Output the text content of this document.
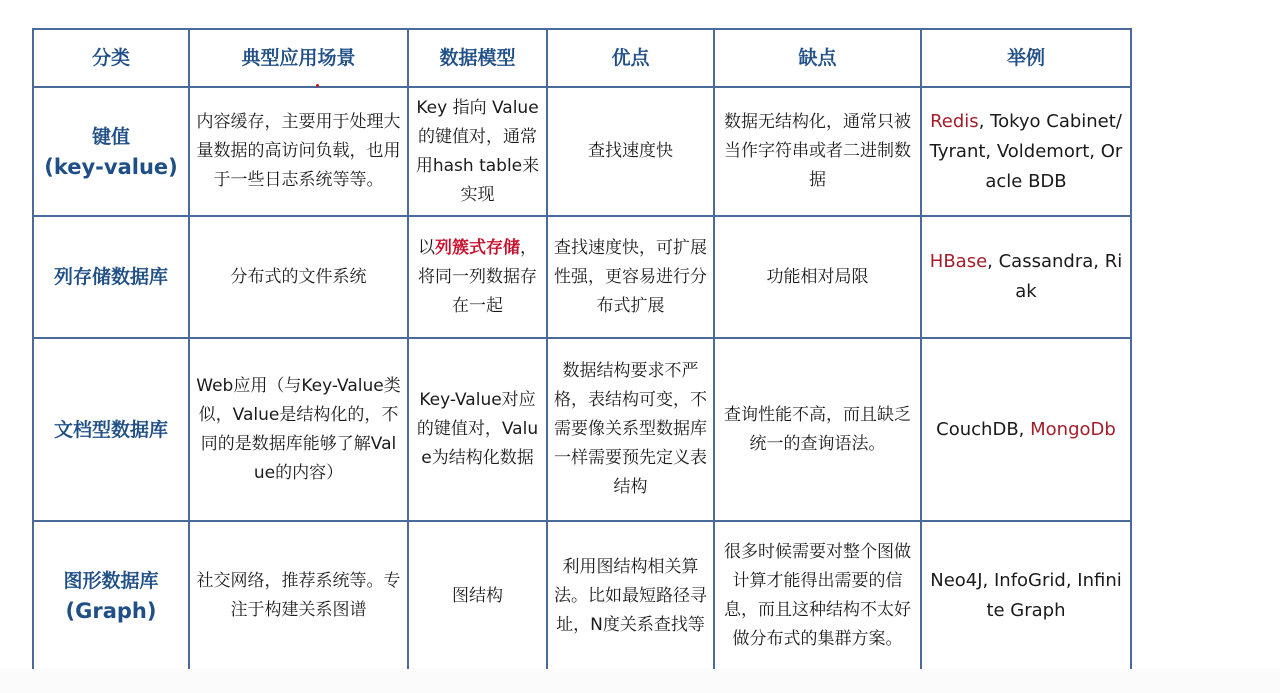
分类	典型应用场景	数据模型	优点	缺点	举例

键值
(key-value)	内容缓存，主要用于处理大量数据的高访问负载，也用于一些日志系统等等。	Key 指向 Value 的键值对，通常用hash table来实现	查找速度快	数据无结构化，通常只被当作字符串或者二进制数据	Redis, Tokyo Cabinet/ Tyrant, Voldemort, Oracle BDB
列存储数据库	分布式的文件系统	以列簇式存储，将同一列数据存在一起	查找速度快，可扩展性强，更容易进行分布式扩展	功能相对局限	HBase, Cassandra, Riak
文档型数据库	Web应用（与Key-Value类似，Value是结构化的，不同的是数据库能够了解Value的内容）	Key-Value对应的键值对，Value为结构化数据	数据结构要求不严格，表结构可变，不需要像关系型数据库一样需要预先定义表结构	查询性能不高，而且缺乏统一的查询语法。	CouchDB, MongoDb

图形数据库
(Graph)	社交网络，推荐系统等。专注于构建关系图谱	图结构	利用图结构相关算法。比如最短路径寻址，N度关系查找等	很多时候需要对整个图做计算才能得出需要的信息，而且这种结构不太好做分布式的集群方案。	Neo4J, InfoGrid, Infinite Graph
